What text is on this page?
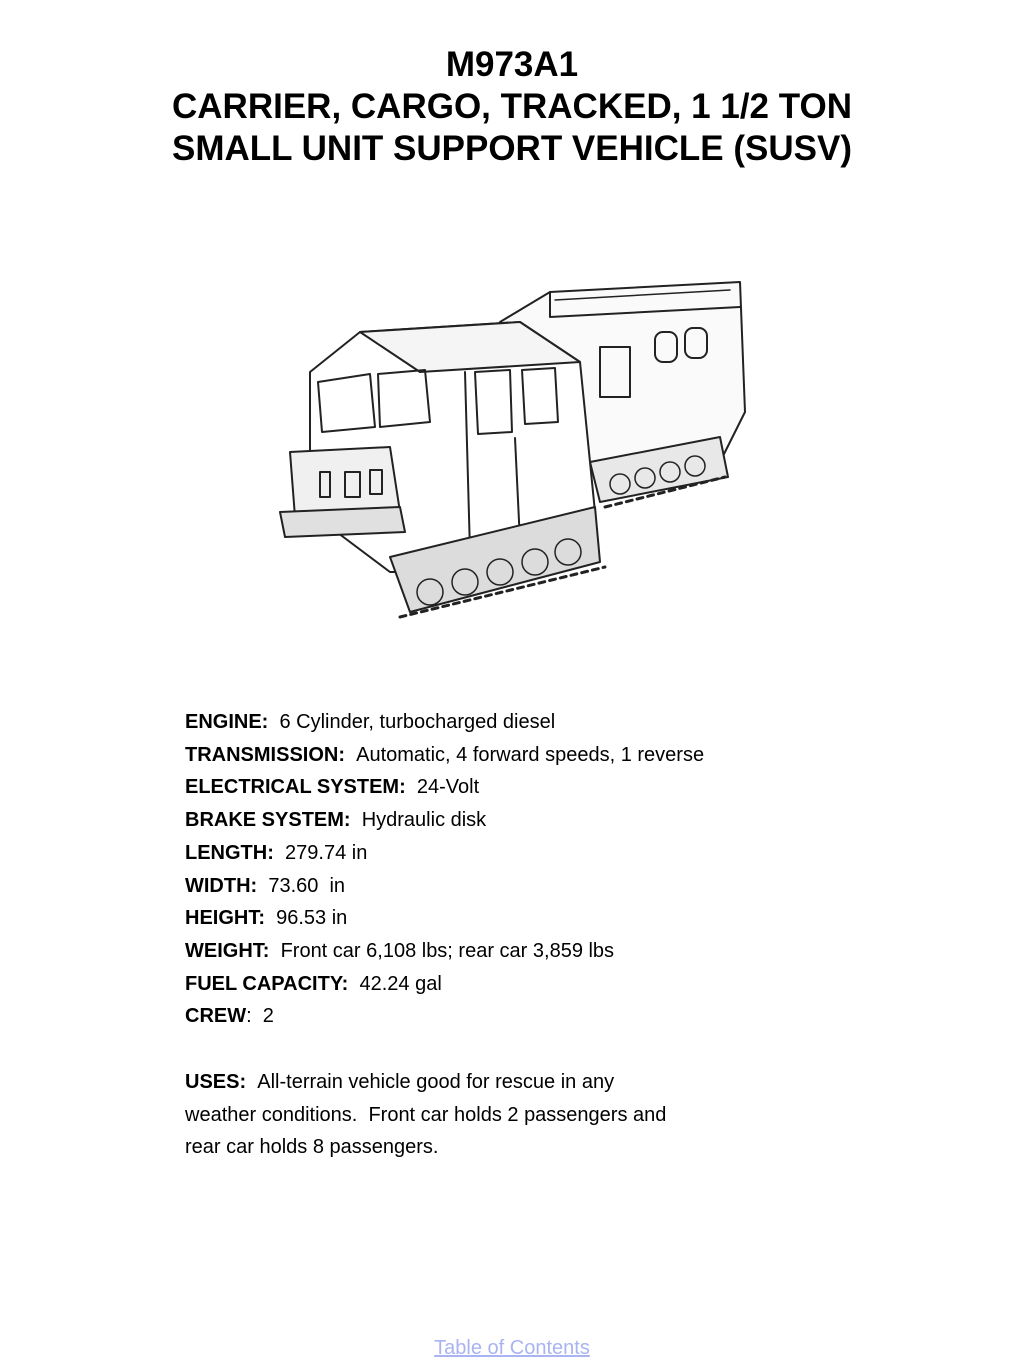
M973A1
CARRIER, CARGO, TRACKED, 1 1/2 TON
SMALL UNIT SUPPORT VEHICLE (SUSV)
ENGINE: 6 Cylinder, turbocharged diesel
TRANSMISSION: Automatic, 4 forward speeds, 1 reverse
ELECTRICAL SYSTEM: 24-Volt
BRAKE SYSTEM: Hydraulic disk
LENGTH: 279.74 in
WIDTH: 73.60  in
HEIGHT: 96.53 in
WEIGHT: Front car 6,108 lbs; rear car 3,859 lbs
FUEL CAPACITY: 42.24 gal
CREW:  2
USES: All-terrain vehicle good for rescue in any
weather conditions.  Front car holds 2 passengers and
rear car holds 8 passengers.
Table of Contents
